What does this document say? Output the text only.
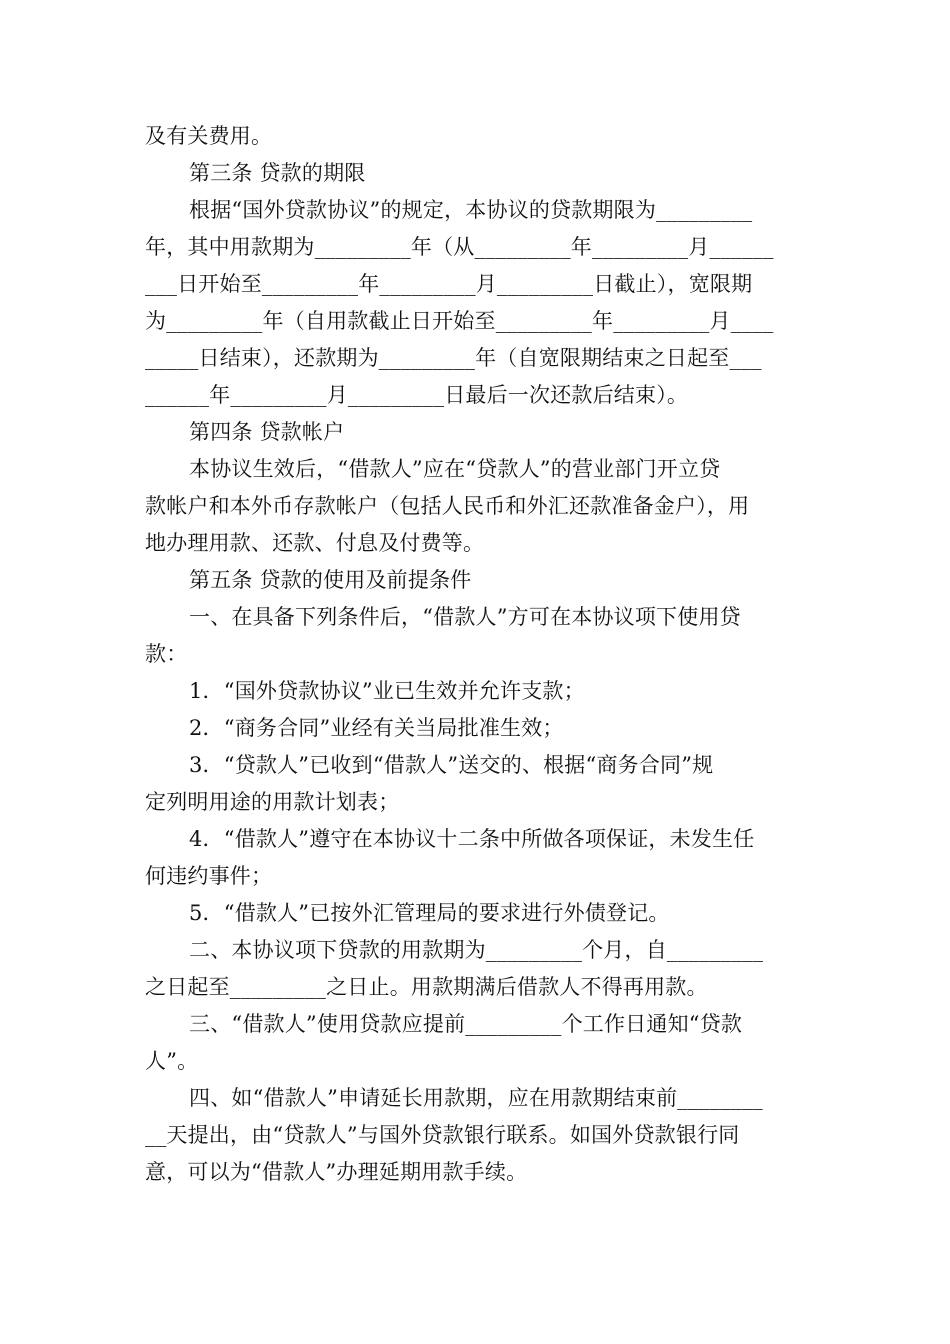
及有关费用。
第三条 贷款的期限
根据“国外贷款协议”的规定，本协议的贷款期限为_________
年，其中用款期为_________年（从_________年_________月______
___日开始至_________年_________月_________日截止），宽限期
为_________年（自用款截止日开始至_________年_________月____
_____日结束），还款期为_________年（自宽限期结束之日起至___
______年_________月_________日最后一次还款后结束）。
第四条 贷款帐户
本协议生效后，“借款人”应在“贷款人”的营业部门开立贷
款帐户和本外币存款帐户（包括人民币和外汇还款准备金户），用
地办理用款、还款、付息及付费等。
第五条 贷款的使用及前提条件
一、在具备下列条件后，“借款人”方可在本协议项下使用贷
款：
1．“国外贷款协议”业已生效并允许支款；
2．“商务合同”业经有关当局批准生效；
3．“贷款人”已收到“借款人”送交的、根据“商务合同”规
定列明用途的用款计划表；
4．“借款人”遵守在本协议十二条中所做各项保证，未发生任
何违约事件；
5．“借款人”已按外汇管理局的要求进行外债登记。
二、本协议项下贷款的用款期为_________个月，自_________
之日起至_________之日止。用款期满后借款人不得再用款。
三、“借款人”使用贷款应提前_________个工作日通知“贷款
人”。
四、如“借款人”申请延长用款期，应在用款期结束前________
__天提出，由“贷款人”与国外贷款银行联系。如国外贷款银行同
意，可以为“借款人”办理延期用款手续。
